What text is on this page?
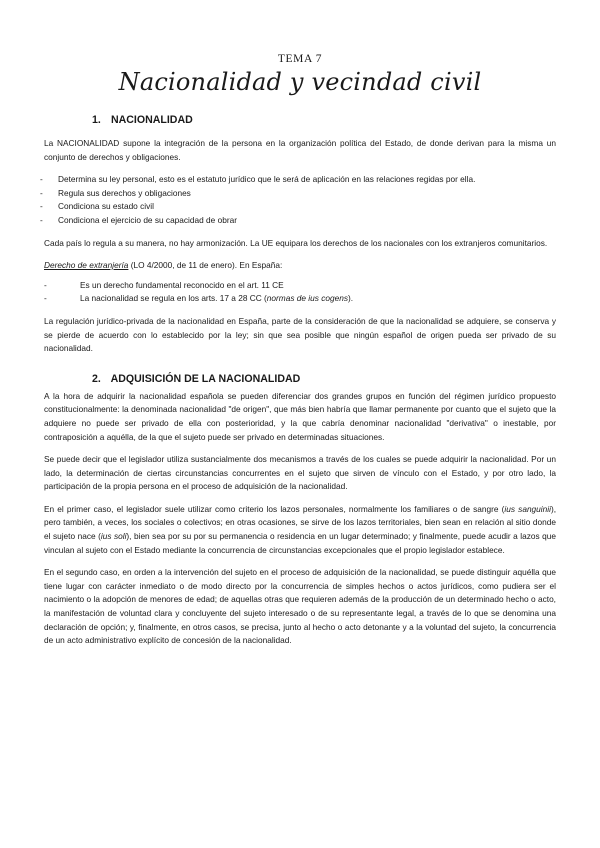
TEMA 7
Nacionalidad y vecindad civil
1. NACIONALIDAD

La NACIONALIDAD supone la integración de la persona en la organización política del Estado, de donde derivan para la misma un conjunto de derechos y obligaciones.

- Determina su ley personal, esto es el estatuto jurídico que le será de aplicación en las relaciones regidas por ella.
- Regula sus derechos y obligaciones
- Condiciona su estado civil
- Condiciona el ejercicio de su capacidad de obrar

Cada país lo regula a su manera, no hay armonización. La UE equipara los derechos de los nacionales con los extranjeros comunitarios.

Derecho de extranjería (LO 4/2000, de 11 de enero). En España:

- Es un derecho fundamental reconocido en el art. 11 CE
- La nacionalidad se regula en los arts. 17 a 28 CC (normas de ius cogens).

La regulación jurídico-privada de la nacionalidad en España, parte de la consideración de que la nacionalidad se adquiere, se conserva y se pierde de acuerdo con lo establecido por la ley; sin que sea posible que ningún español de origen pueda ser privado de su nacionalidad.

2. ADQUISICIÓN DE LA NACIONALIDAD

A la hora de adquirir la nacionalidad española se pueden diferenciar dos grandes grupos en función del régimen jurídico propuesto constitucionalmente: la denominada nacionalidad "de origen", que más bien habría que llamar permanente por cuanto que el sujeto que la adquiere no puede ser privado de ella con posterioridad, y la que cabría denominar nacionalidad "derivativa" o inestable, por contraposición a aquélla, de la que el sujeto puede ser privado en determinadas situaciones.

Se puede decir que el legislador utiliza sustancialmente dos mecanismos a través de los cuales se puede adquirir la nacionalidad. Por un lado, la determinación de ciertas circunstancias concurrentes en el sujeto que sirven de vínculo con el Estado, y por otro lado, la participación de la propia persona en el proceso de adquisición de la nacionalidad.

En el primer caso, el legislador suele utilizar como criterio los lazos personales, normalmente los familiares o de sangre (ius sanguinii), pero también, a veces, los sociales o colectivos; en otras ocasiones, se sirve de los lazos territoriales, bien sean en relación al sitio donde el sujeto nace (ius soli), bien sea por su por su permanencia o residencia en un lugar determinado; y finalmente, puede acudir a lazos que vinculan al sujeto con el Estado mediante la concurrencia de circunstancias excepcionales que el propio legislador establece.

En el segundo caso, en orden a la intervención del sujeto en el proceso de adquisición de la nacionalidad, se puede distinguir aquélla que tiene lugar con carácter inmediato o de modo directo por la concurrencia de simples hechos o actos jurídicos, como pudiera ser el nacimiento o la adopción de menores de edad; de aquellas otras que requieren además de la producción de un determinado hecho o acto, la manifestación de voluntad clara y concluyente del sujeto interesado o de su representante legal, a través de lo que se denomina una declaración de opción; y, finalmente, en otros casos, se precisa, junto al hecho o acto detonante y a la voluntad del sujeto, la concurrencia de un acto administrativo explícito de concesión de la nacionalidad.
